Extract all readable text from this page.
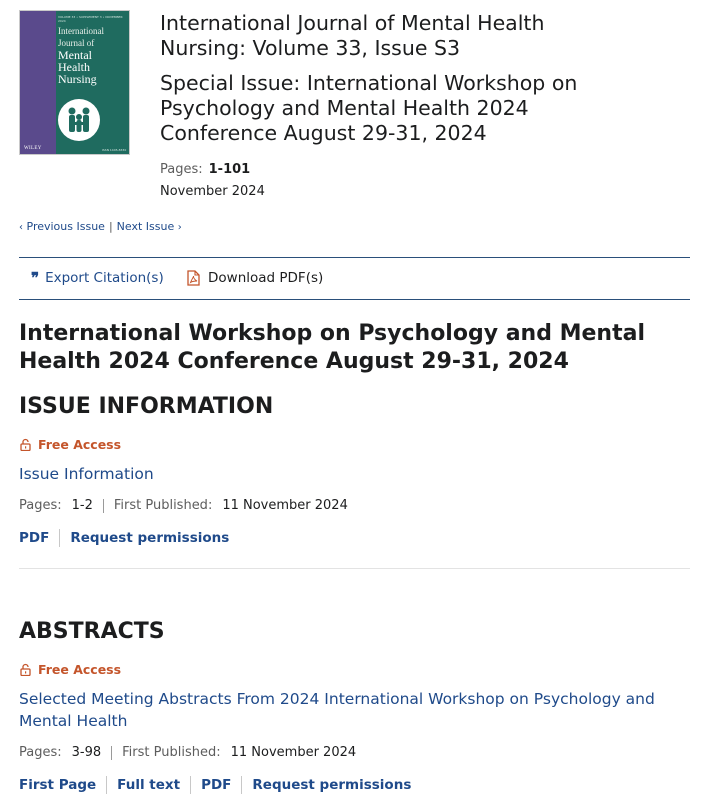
VOLUME 33 • SUPPLEMENT 3 • NOVEMBER 2024
International
Journal of
Mental
Health
Nursing
WILEY	ISSN 1445-8330
International Journal of Mental Health Nursing: Volume 33, Issue S3
Special Issue: International Workshop on Psychology and Mental Health 2024 Conference August 29-31, 2024
Pages: 1-101
November 2024
‹ Previous Issue | Next Issue ›
❞ Export Citation(s)	Download PDF(s)
International Workshop on Psychology and Mental Health 2024 Conference August 29-31, 2024
ISSUE INFORMATION
Free Access
Issue Information
Pages: 1-2 First Published: 11 November 2024
PDF Request permissions
ABSTRACTS
Free Access
Selected Meeting Abstracts From 2024 International Workshop on Psychology and Mental Health
Pages: 3-98 First Published: 11 November 2024
First Page Full text PDF Request permissions
